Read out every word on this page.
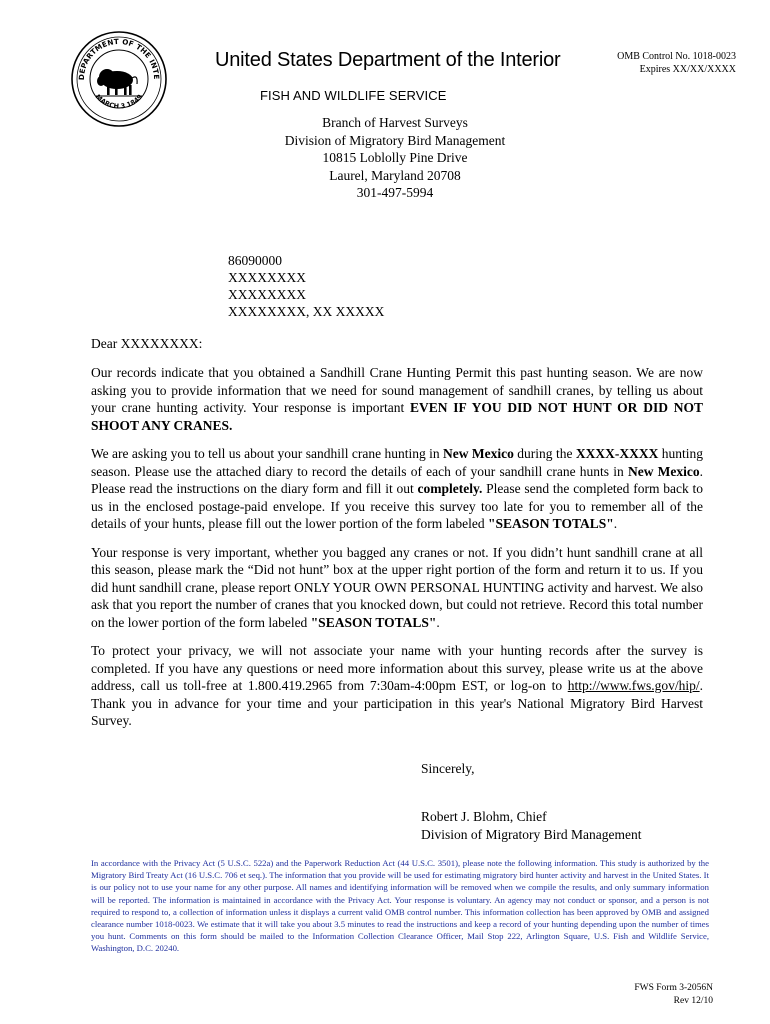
DEPARTMENT OF THE INTE
MARCH 3 1849
United States Department of the Interior
FISH AND WILDLIFE SERVICE
OMB Control No. 1018-0023
Expires XX/XX/XXXX
Branch of Harvest Surveys
Division of Migratory Bird Management
10815 Loblolly Pine Drive
Laurel, Maryland 20708
301-497-5994
86090000
XXXXXXXX
XXXXXXXX
XXXXXXXX, XX XXXXX
Dear XXXXXXXX:

Our records indicate that you obtained a Sandhill Crane Hunting Permit this past hunting season. We are now asking you to provide information that we need for sound management of sandhill cranes, by telling us about your crane hunting activity. Your response is important EVEN IF YOU DID NOT HUNT OR DID NOT SHOOT ANY CRANES.

We are asking you to tell us about your sandhill crane hunting in New Mexico during the XXXX-XXXX hunting season. Please use the attached diary to record the details of each of your sandhill crane hunts in New Mexico. Please read the instructions on the diary form and fill it out completely. Please send the completed form back to us in the enclosed postage-paid envelope. If you receive this survey too late for you to remember all of the details of your hunts, please fill out the lower portion of the form labeled "SEASON TOTALS".

Your response is very important, whether you bagged any cranes or not. If you didn’t hunt sandhill crane at all this season, please mark the “Did not hunt” box at the upper right portion of the form and return it to us. If you did hunt sandhill crane, please report ONLY YOUR OWN PERSONAL HUNTING activity and harvest. We also ask that you report the number of cranes that you knocked down, but could not retrieve. Record this total number on the lower portion of the form labeled "SEASON TOTALS".

To protect your privacy, we will not associate your name with your hunting records after the survey is completed. If you have any questions or need more information about this survey, please write us at the above address, call us toll-free at 1.800.419.2965 from 7:30am-4:00pm EST, or log-on to http://www.fws.gov/hip/. Thank you in advance for your time and your participation in this year's National Migratory Bird Harvest Survey.

Sincerely,
Robert J. Blohm, Chief
Division of Migratory Bird Management
In accordance with the Privacy Act (5 U.S.C. 522a) and the Paperwork Reduction Act (44 U.S.C. 3501), please note the following information. This study is authorized by the Migratory Bird Treaty Act (16 U.S.C. 706 et seq.). The information that you provide will be used for estimating migratory bird hunter activity and harvest in the United States. It is our policy not to use your name for any other purpose. All names and identifying information will be removed when we compile the results, and only summary information will be reported. The information is maintained in accordance with the Privacy Act. Your response is voluntary. An agency may not conduct or sponsor, and a person is not required to respond to, a collection of information unless it displays a current valid OMB control number. This information collection has been approved by OMB and assigned clearance number 1018-0023. We estimate that it will take you about 3.5 minutes to read the instructions and keep a record of your hunting depending upon the number of times you hunt. Comments on this form should be mailed to the Information Collection Clearance Officer, Mail Stop 222, Arlington Square, U.S. Fish and Wildlife Service, Washington, D.C. 20240.
FWS Form 3-2056N
Rev 12/10
